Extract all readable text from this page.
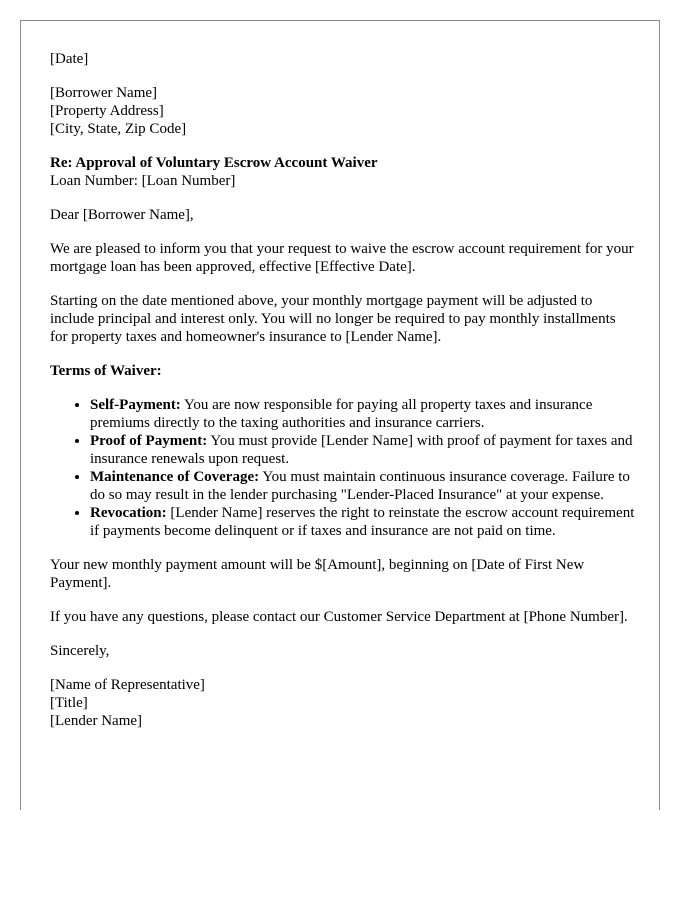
[Date]
[Borrower Name]
[Property Address]
[City, State, Zip Code]
Re: Approval of Voluntary Escrow Account Waiver
Loan Number: [Loan Number]
Dear [Borrower Name],
We are pleased to inform you that your request to waive the escrow account requirement for your mortgage loan has been approved, effective [Effective Date].
Starting on the date mentioned above, your monthly mortgage payment will be adjusted to include principal and interest only. You will no longer be required to pay monthly installments for property taxes and homeowner's insurance to [Lender Name].
Terms of Waiver:
• Self-Payment: You are now responsible for paying all property taxes and insurance premiums directly to the taxing authorities and insurance carriers.
• Proof of Payment: You must provide [Lender Name] with proof of payment for taxes and insurance renewals upon request.
• Maintenance of Coverage: You must maintain continuous insurance coverage. Failure to do so may result in the lender purchasing "Lender-Placed Insurance" at your expense.
• Revocation: [Lender Name] reserves the right to reinstate the escrow account requirement if payments become delinquent or if taxes and insurance are not paid on time.
Your new monthly payment amount will be $[Amount], beginning on [Date of First New Payment].
If you have any questions, please contact our Customer Service Department at [Phone Number].
Sincerely,
[Name of Representative]
[Title]
[Lender Name]
